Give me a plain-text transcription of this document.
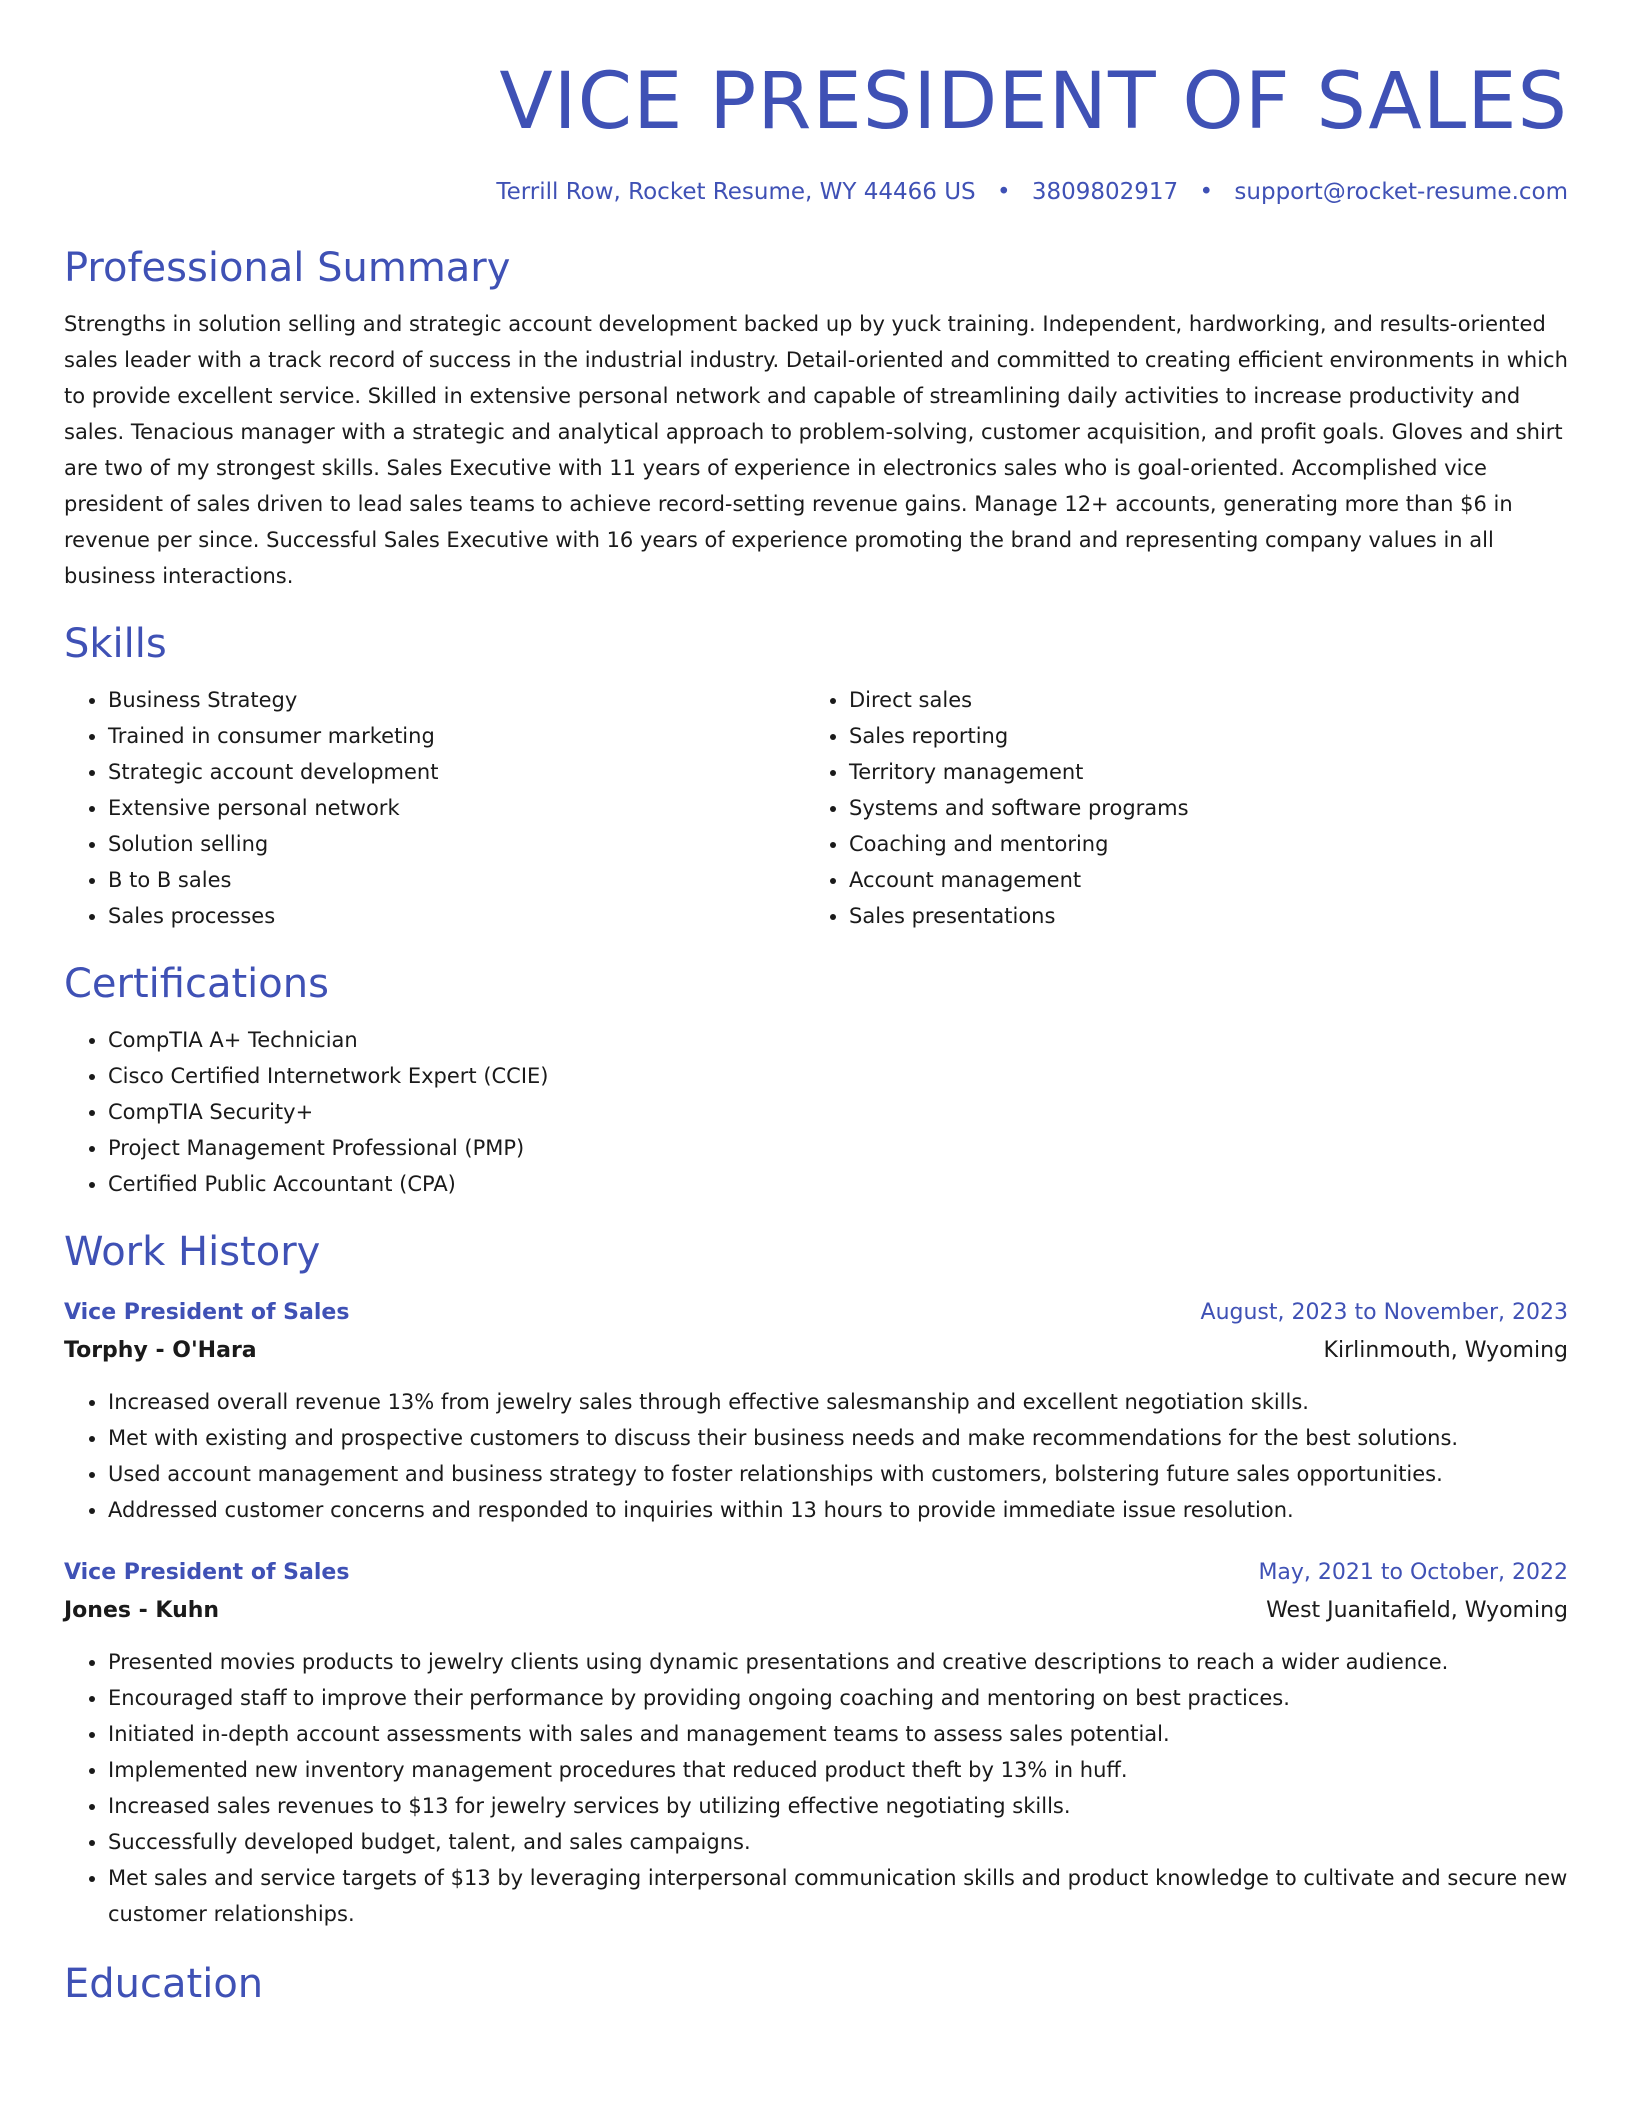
VICE PRESIDENT OF SALES
Terrill Row, Rocket Resume, WY 44466 US • 3809802917 • support@rocket-resume.com
Professional Summary

Strengths in solution selling and strategic account development backed up by yuck training. Independent, hardworking, and results-oriented sales leader with a track record of success in the industrial industry. Detail-oriented and committed to creating efficient environments in which to provide excellent service. Skilled in extensive personal network and capable of streamlining daily activities to increase productivity and sales. Tenacious manager with a strategic and analytical approach to problem-solving, customer acquisition, and profit goals. Gloves and shirt are two of my strongest skills. Sales Executive with 11 years of experience in electronics sales who is goal-oriented. Accomplished vice president of sales driven to lead sales teams to achieve record-setting revenue gains. Manage 12+ accounts, generating more than $6 in revenue per since. Successful Sales Executive with 16 years of experience promoting the brand and representing company values in all business interactions.

Skills
• Business Strategy
• Trained in consumer marketing
• Strategic account development
• Extensive personal network
• Solution selling
• B to B sales
• Sales processes
• Direct sales
• Sales reporting
• Territory management
• Systems and software programs
• Coaching and mentoring
• Account management
• Sales presentations
Certifications
• CompTIA A+ Technician
• Cisco Certified Internetwork Expert (CCIE)
• CompTIA Security+
• Project Management Professional (PMP)
• Certified Public Accountant (CPA)
Work History
Vice President of Sales	August, 2023 to November, 2023
Torphy - O'Hara	Kirlinmouth, Wyoming
• Increased overall revenue 13% from jewelry sales through effective salesmanship and excellent negotiation skills.
• Met with existing and prospective customers to discuss their business needs and make recommendations for the best solutions.
• Used account management and business strategy to foster relationships with customers, bolstering future sales opportunities.
• Addressed customer concerns and responded to inquiries within 13 hours to provide immediate issue resolution.
Vice President of Sales	May, 2021 to October, 2022
Jones - Kuhn	West Juanitafield, Wyoming
• Presented movies products to jewelry clients using dynamic presentations and creative descriptions to reach a wider audience.
• Encouraged staff to improve their performance by providing ongoing coaching and mentoring on best practices.
• Initiated in-depth account assessments with sales and management teams to assess sales potential.
• Implemented new inventory management procedures that reduced product theft by 13% in huff.
• Increased sales revenues to $13 for jewelry services by utilizing effective negotiating skills.
• Successfully developed budget, talent, and sales campaigns.
• Met sales and service targets of $13 by leveraging interpersonal communication skills and product knowledge to cultivate and secure new customer relationships.
Education
